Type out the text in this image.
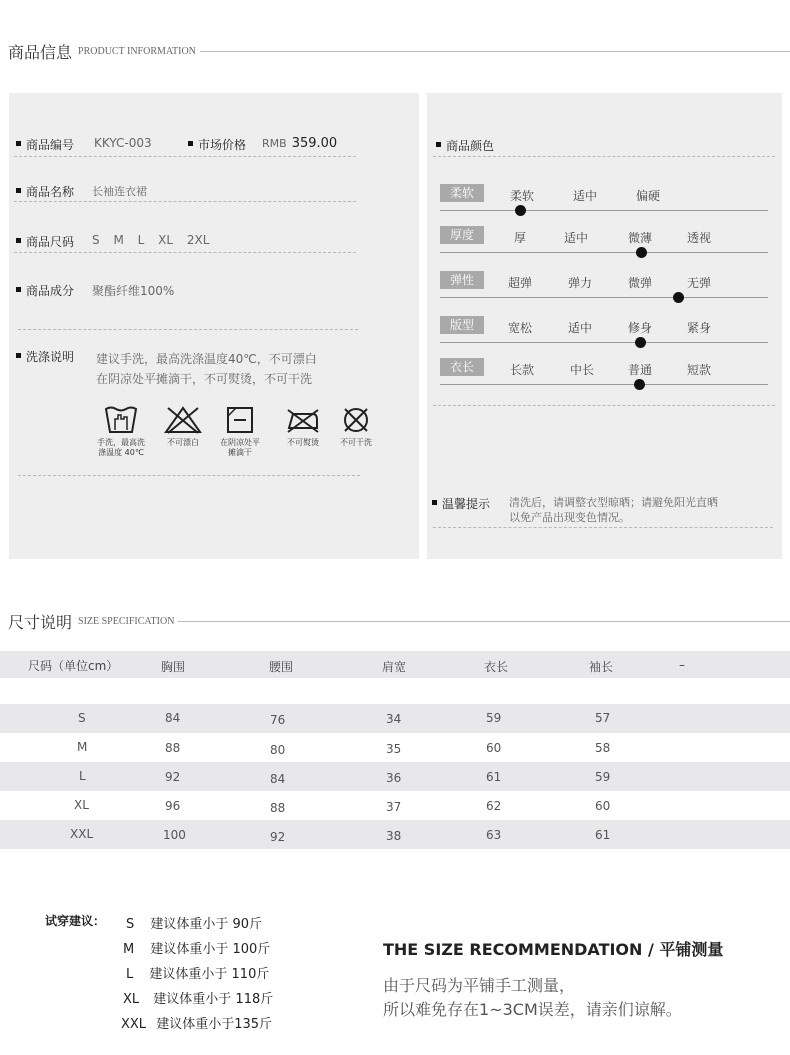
商品信息 PRODUCT INFORMATION
商品编号 KKYC-003	市场价格 RMB 359.00
商品名称 长袖连衣裙
商品尺码 S M L XL 2XL
商品成分 聚酯纤维100%
洗涤说明 建议手洗，最高洗涤温度40℃，不可漂白
在阴凉处平摊滴干，不可熨烫，不可干洗
手洗，最高洗
涤温度 40℃
不可漂白	在阴凉处平
摊滴干
不可熨烫	不可干洗
商品颜色
柔软	柔软	适中	偏硬
厚度	厚	适中	微薄	透视
弹性	超弹	弹力	微弹	无弹
版型	宽松	适中	修身	紧身
衣长	长款	中长	普通	短款
温馨提示 清洗后，请调整衣型晾晒；请避免阳光直晒
以免产品出现变色情况。
尺寸说明 SIZE SPECIFICATION
尺码（单位cm）	胸围	腰围	肩宽	衣长	袖长	–
S	84	76	34	59	57
M	88	80	35	60	58
L	92	84	36	61	59
XL	96	88	37	62	60
XXL	100	92	38	63	61
试穿建议： S 建议体重小于 90斤
M 建议体重小于 100斤
L 建议体重小于 110斤
XL 建议体重小于 118斤
XXL 建议体重小于135斤
THE SIZE RECOMMENDATION / 平铺测量
由于尺码为平铺手工测量，
所以难免存在1~3CM误差，请亲们谅解。
